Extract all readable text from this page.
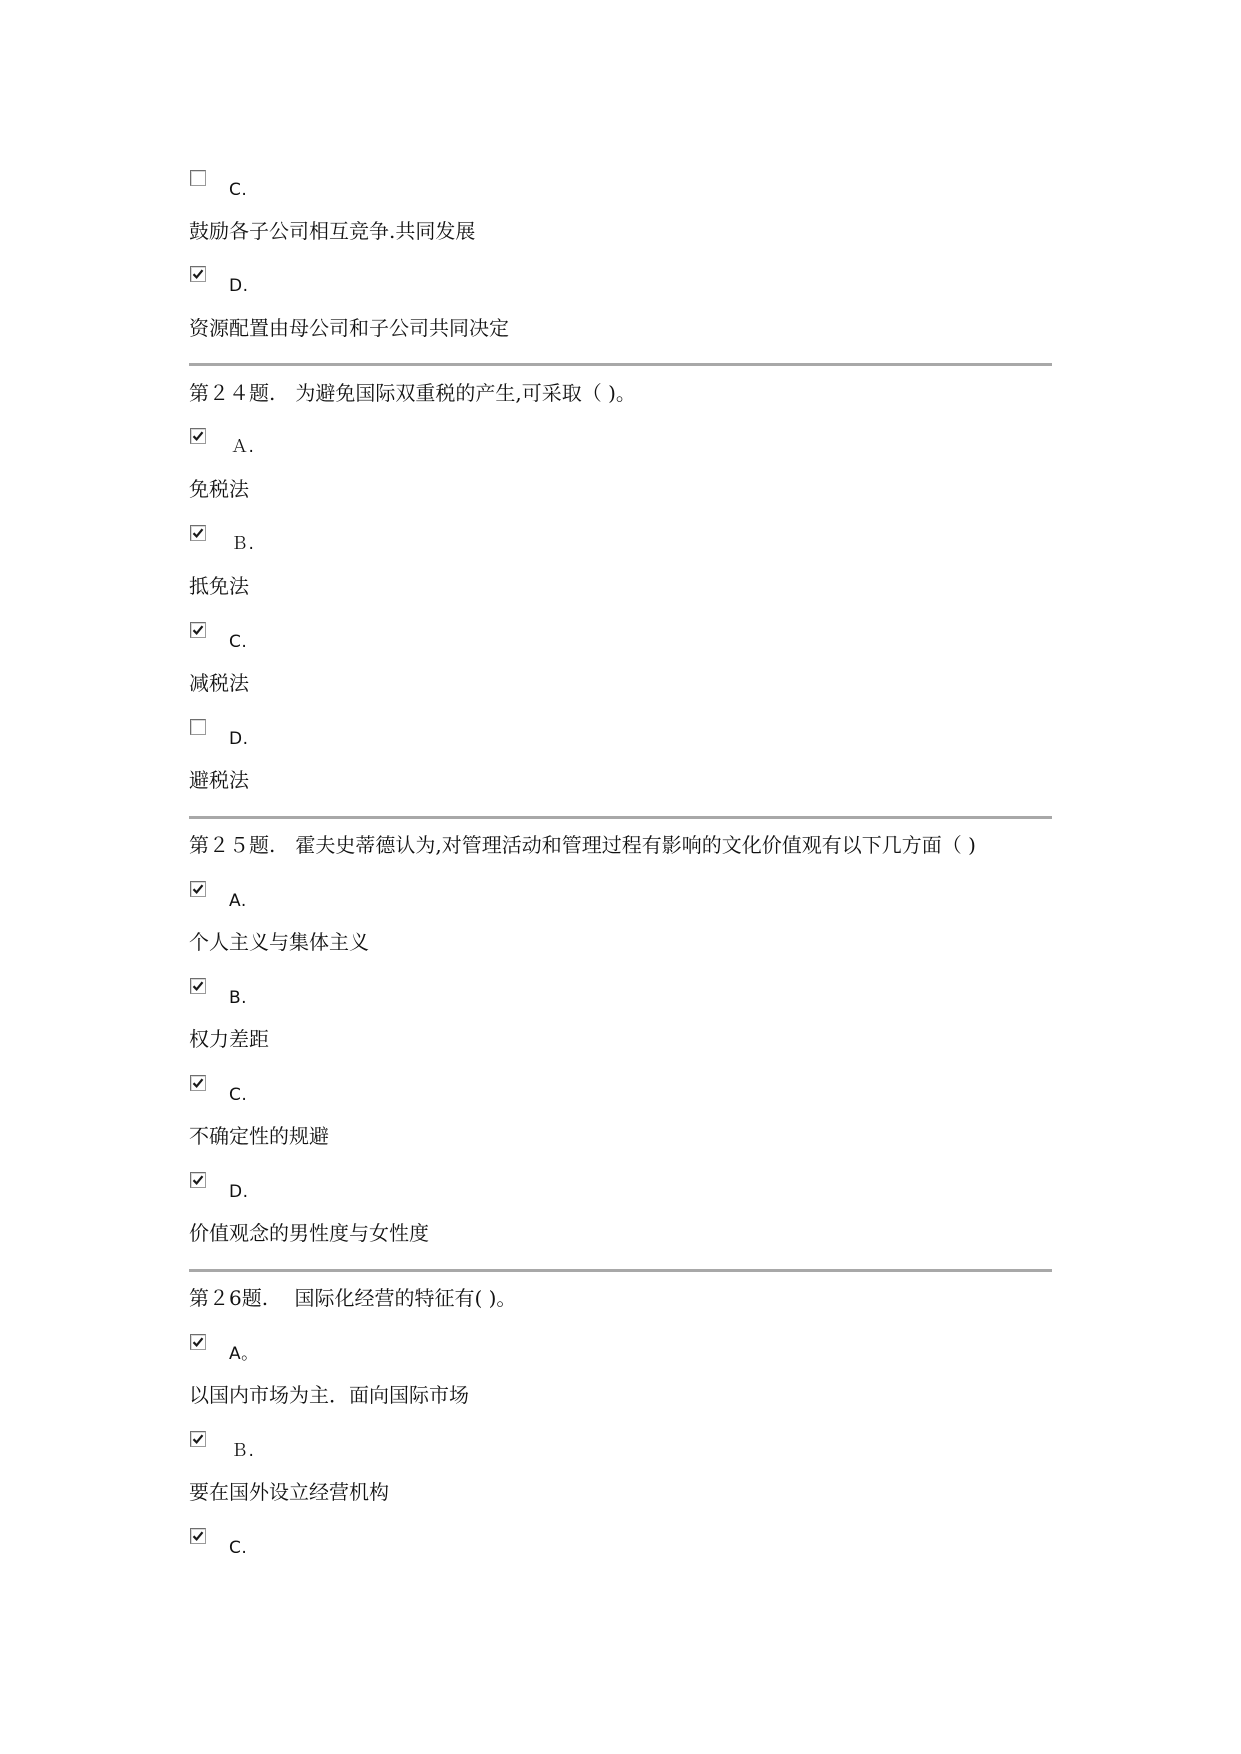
C.
鼓励各子公司相互竞争.共同发展
D.
资源配置由母公司和子公司共同决定
第２４题.　为避免国际双重税的产生,可采取（ )。
Ａ.
免税法
Ｂ.
抵免法
C.
减税法
D.
避税法
第２５题.　霍夫史蒂德认为,对管理活动和管理过程有影响的文化价值观有以下几方面（ )
A.
个人主义与集体主义
B.
权力差距
C.
不确定性的规避
D.
价值观念的男性度与女性度
第２6题.　 国际化经营的特征有( )。
A。
以国内市场为主．面向国际市场
Ｂ.
要在国外设立经营机构
C.
